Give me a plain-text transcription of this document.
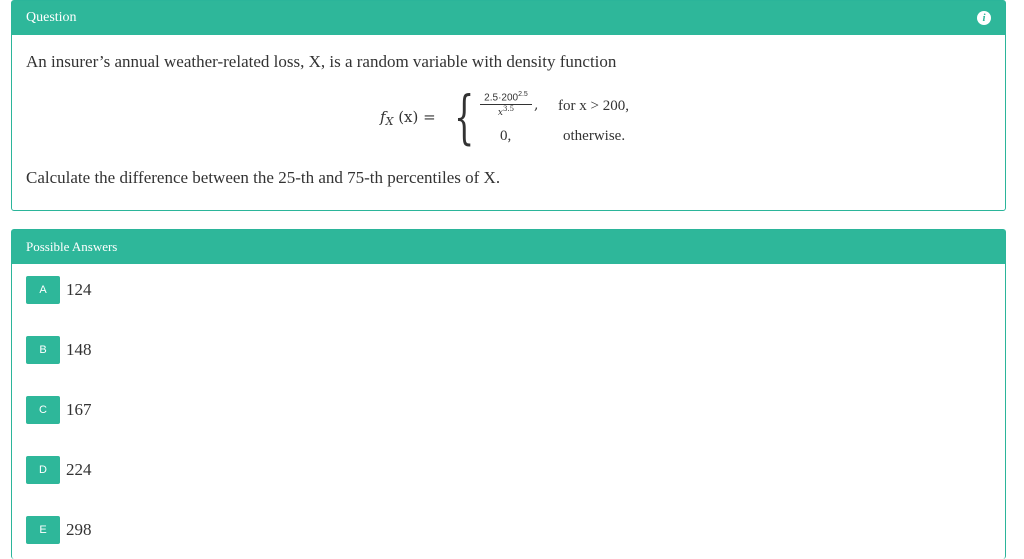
Question	i
An insurer’s annual weather-related loss, X, is a random variable with density function
$f_X$ (x) = { $\frac{2.5\cdot 200^{2.5}}{x^{3.5}}$ , for x > 200,
0,	otherwise.
Calculate the difference between the 25-th and 75-th percentiles of X.
Possible Answers
A	124
B	148
C	167
D	224
E	298
